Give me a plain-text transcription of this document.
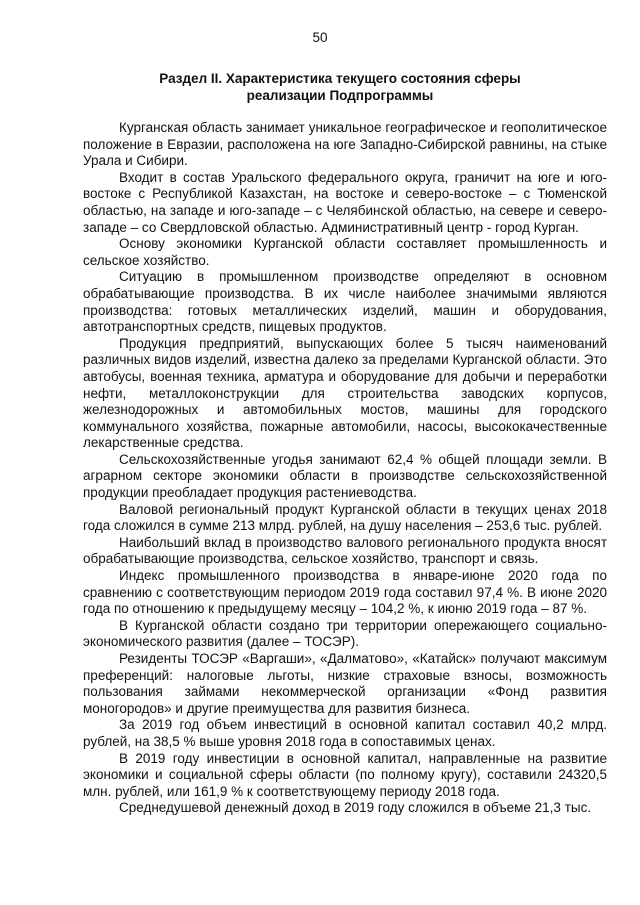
50
Раздел II. Характеристика текущего состояния сферы реализации Подпрограммы

Курганская область занимает уникальное географическое и геополитическое положение в Евразии, расположена на юге Западно-Сибирской равнины, на стыке Урала и Сибири.

Входит в состав Уральского федерального округа, граничит на юге и юго-востоке с Республикой Казахстан, на востоке и северо-востоке – с Тюменской областью, на западе и юго-западе – с Челябинской областью, на севере и северо-западе – со Свердловской областью. Административный центр - город Курган.

Основу экономики Курганской области составляет промышленность и сельское хозяйство.

Ситуацию в промышленном производстве определяют в основном обрабатывающие производства. В их числе наиболее значимыми являются производства: готовых металлических изделий, машин и оборудования, автотранспортных средств, пищевых продуктов.

Продукция предприятий, выпускающих более 5 тысяч наименований различных видов изделий, известна далеко за пределами Курганской области. Это автобусы, военная техника, арматура и оборудование для добычи и переработки нефти, металлоконструкции для строительства заводских корпусов, железнодорожных и автомобильных мостов, машины для городского коммунального хозяйства, пожарные автомобили, насосы, высококачественные лекарственные средства.

Сельскохозяйственные угодья занимают 62,4 % общей площади земли. В аграрном секторе экономики области в производстве сельскохозяйственной продукции преобладает продукция растениеводства.

Валовой региональный продукт Курганской области в текущих ценах 2018 года сложился в сумме 213 млрд. рублей, на душу населения – 253,6 тыс. рублей.

Наибольший вклад в производство валового регионального продукта вносят обрабатывающие производства, сельское хозяйство, транспорт и связь.

Индекс промышленного производства в январе-июне 2020 года по сравнению с соответствующим периодом 2019 года составил 97,4 %. В июне 2020 года по отношению к предыдущему месяцу – 104,2 %, к июню 2019 года – 87 %.

В Курганской области создано три территории опережающего социально-экономического развития (далее – ТОСЭР).

Резиденты ТОСЭР «Варгаши», «Далматово», «Катайск» получают максимум преференций: налоговые льготы, низкие страховые взносы, возможность пользования займами некоммерческой организации «Фонд развития моногородов» и другие преимущества для развития бизнеса.

За 2019 год объем инвестиций в основной капитал составил 40,2 млрд. рублей, на 38,5 % выше уровня 2018 года в сопоставимых ценах.

В 2019 году инвестиции в основной капитал, направленные на развитие экономики и социальной сферы области (по полному кругу), составили 24320,5 млн. рублей, или 161,9 % к соответствующему периоду 2018 года.

Среднедушевой денежный доход в 2019 году сложился в объеме 21,3 тыс.
